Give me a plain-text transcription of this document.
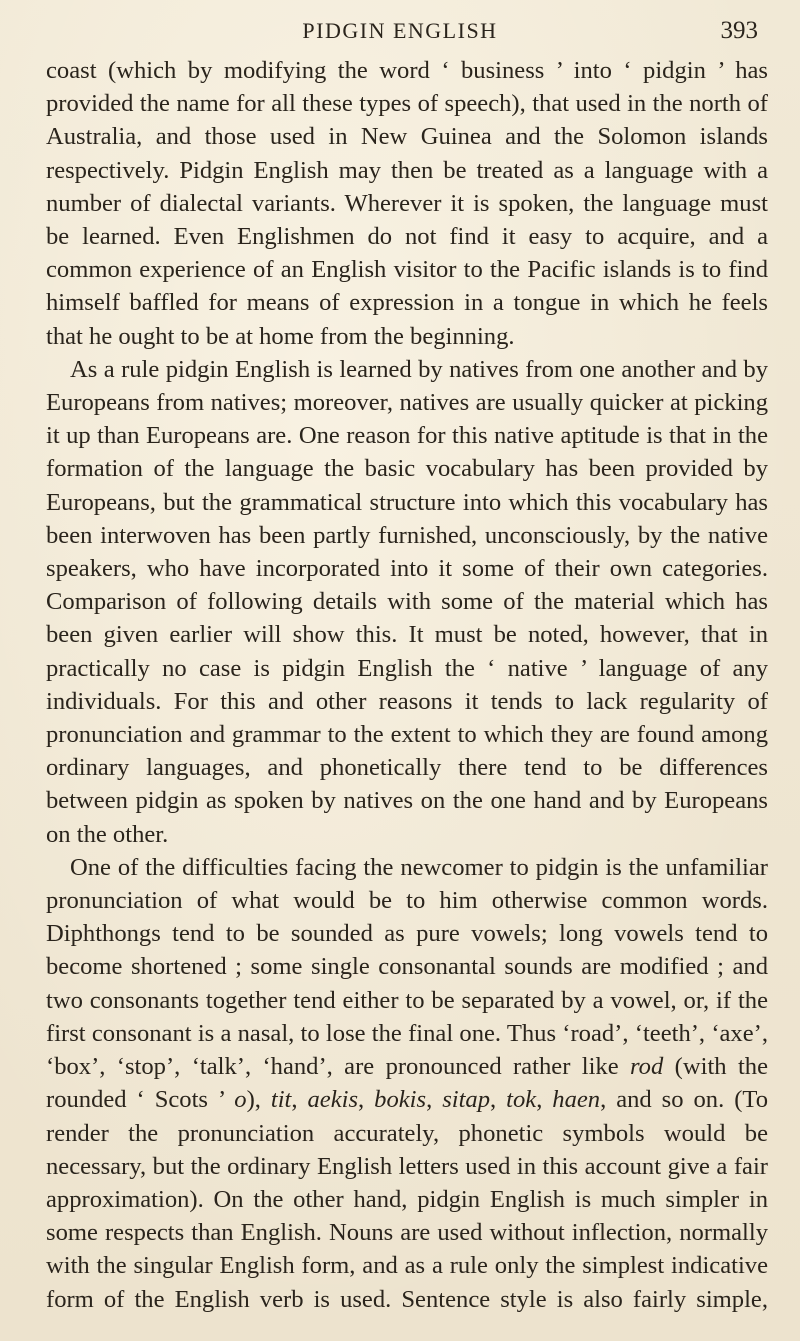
PIDGIN ENGLISH	393

coast (which by modifying the word ‘ business ’ into ‘ pidgin ’ has provided the name for all these types of speech), that used in the north of Australia, and those used in New Guinea and the Solomon islands respectively. Pidgin English may then be treated as a language with a number of dialectal variants. Wherever it is spoken, the language must be learned. Even Englishmen do not find it easy to acquire, and a common experience of an English visitor to the Pacific islands is to find himself baffled for means of expression in a tongue in which he feels that he ought to be at home from the beginning.

As a rule pidgin English is learned by natives from one another and by Europeans from natives; moreover, natives are usually quicker at picking it up than Europeans are. One reason for this native aptitude is that in the formation of the language the basic vocabulary has been provided by Europeans, but the grammatical structure into which this vocabulary has been interwoven has been partly furnished, unconsciously, by the native speakers, who have incorporated into it some of their own categories. Comparison of following details with some of the material which has been given earlier will show this. It must be noted, however, that in practically no case is pidgin English the ‘ native ’ language of any individuals. For this and other reasons it tends to lack regularity of pronunciation and grammar to the extent to which they are found among ordinary languages, and phonetically there tend to be differences between pidgin as spoken by natives on the one hand and by Europeans on the other.

One of the difficulties facing the newcomer to pidgin is the unfamiliar pronunciation of what would be to him otherwise common words. Diphthongs tend to be sounded as pure vowels; long vowels tend to become shortened ; some single consonantal sounds are modified ; and two consonants together tend either to be separated by a vowel, or, if the first consonant is a nasal, to lose the final one. Thus ‘road’, ‘teeth’, ‘axe’, ‘box’, ‘stop’, ‘talk’, ‘hand’, are pronounced rather like rod (with the rounded ‘ Scots ’ o), tit, aekis, bokis, sitap, tok, haen, and so on. (To render the pronunciation accurately, phonetic symbols would be necessary, but the ordinary English letters used in this account give a fair approximation). On the other hand, pidgin English is much simpler in some respects than English. Nouns are used without inflection, normally with the singular English form, and as a rule only the simplest indicative form of the English verb is used. Sentence style is also fairly simple,
